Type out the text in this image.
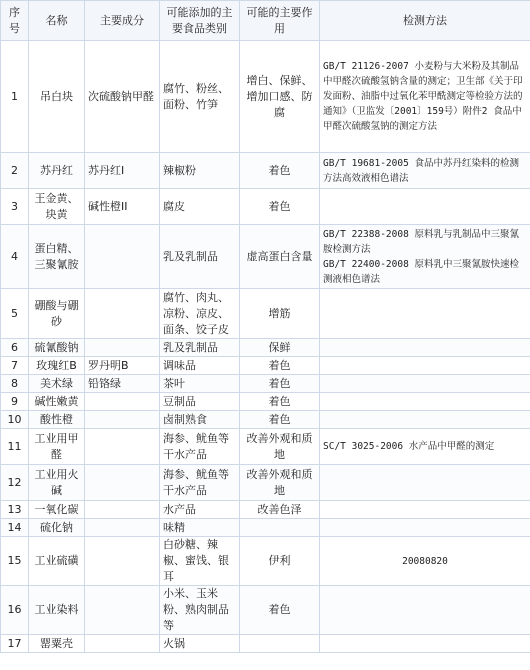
序号	名称	主要成分	可能添加的主要食品类别	可能的主要作用	检测方法
1	吊白块	次硫酸钠甲醛	腐竹、粉丝、面粉、竹笋	增白、保鲜、增加口感、防腐	GB/T 21126-2007 小麦粉与大米粉及其制品中甲醛次硫酸氢钠含量的测定；卫生部《关于印发面粉、油脂中过氧化苯甲酰测定等检验方法的通知》（卫监发〔2001〕159号）附件2 食品中甲醛次硫酸氢钠的测定方法
2	苏丹红	苏丹红I	辣椒粉	着色	GB/T 19681-2005 食品中苏丹红染料的检测方法高效液相色谱法
3	王金黄、块黄	碱性橙II	腐皮	着色	
4	蛋白精、三聚氰胺		乳及乳制品	虚高蛋白含量	GB/T 22388-2008 原料乳与乳制品中三聚氰胺检测方法
GB/T 22400-2008 原料乳中三聚氰胺快速检测液相色谱法
5	硼酸与硼砂		腐竹、肉丸、凉粉、凉皮、面条、饺子皮	增筋	
6	硫氰酸钠		乳及乳制品	保鲜	
7	玫瑰红B	罗丹明B	调味品	着色	
8	美术绿	铅铬绿	茶叶	着色	
9	碱性嫩黄		豆制品	着色	
10	酸性橙		卤制熟食	着色	
11	工业用甲醛		海参、鱿鱼等干水产品	改善外观和质地	SC/T 3025-2006 水产品中甲醛的测定
12	工业用火碱		海参、鱿鱼等干水产品	改善外观和质地	
13	一氧化碳		水产品	改善色泽	
14	硫化钠		味精		
15	工业硫磺		白砂糖、辣椒、蜜饯、银耳	伊利	20080820
16	工业染料		小米、玉米粉、熟肉制品等	着色	
17	罂粟壳		火锅		
